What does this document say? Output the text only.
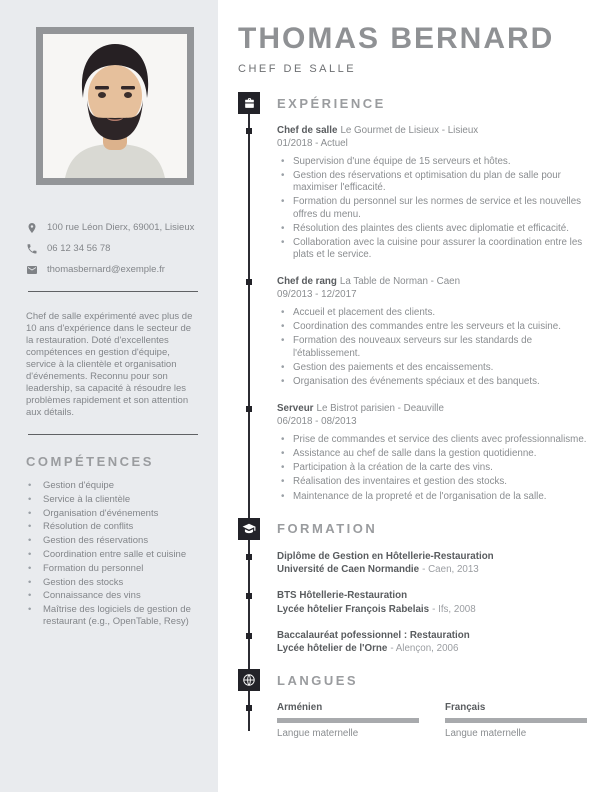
100 rue Léon Dierx, 69001, Lisieux
06 12 34 56 78
thomasbernard@exemple.fr
Chef de salle expérimenté avec plus de 10 ans d'expérience dans le secteur de la restauration. Doté d'excellentes compétences en gestion d'équipe, service à la clientèle et organisation d'événements. Reconnu pour son leadership, sa capacité à résoudre les problèmes rapidement et son attention aux détails.
COMPÉTENCES
• Gestion d'équipe
• Service à la clientèle
• Organisation d'événements
• Résolution de conflits
• Gestion des réservations
• Coordination entre salle et cuisine
• Formation du personnel
• Gestion des stocks
• Connaissance des vins
• Maîtrise des logiciels de gestion de restaurant (e.g., OpenTable, Resy)
THOMAS BERNARD
CHEF DE SALLE
EXPÉRIENCE
Chef de salle Le Gourmet de Lisieux - Lisieux
01/2018 - Actuel
• Supervision d'une équipe de 15 serveurs et hôtes.
• Gestion des réservations et optimisation du plan de salle pour maximiser l'efficacité.
• Formation du personnel sur les normes de service et les nouvelles offres du menu.
• Résolution des plaintes des clients avec diplomatie et efficacité.
• Collaboration avec la cuisine pour assurer la coordination entre les plats et le service.
Chef de rang La Table de Norman - Caen
09/2013 - 12/2017
• Accueil et placement des clients.
• Coordination des commandes entre les serveurs et la cuisine.
• Formation des nouveaux serveurs sur les standards de l'établissement.
• Gestion des paiements et des encaissements.
• Organisation des événements spéciaux et des banquets.
Serveur Le Bistrot parisien - Deauville
06/2018 - 08/2013
• Prise de commandes et service des clients avec professionnalisme.
• Assistance au chef de salle dans la gestion quotidienne.
• Participation à la création de la carte des vins.
• Réalisation des inventaires et gestion des stocks.
• Maintenance de la propreté et de l'organisation de la salle.
FORMATION
Diplôme de Gestion en Hôtellerie-Restauration
Université de Caen Normandie - Caen, 2013
BTS Hôtellerie-Restauration
Lycée hôtelier François Rabelais - Ifs, 2008
Baccalauréat pofessionnel : Restauration
Lycée hôtelier de l'Orne - Alençon, 2006
LANGUES
Arménien
Langue maternelle
Français
Langue maternelle
